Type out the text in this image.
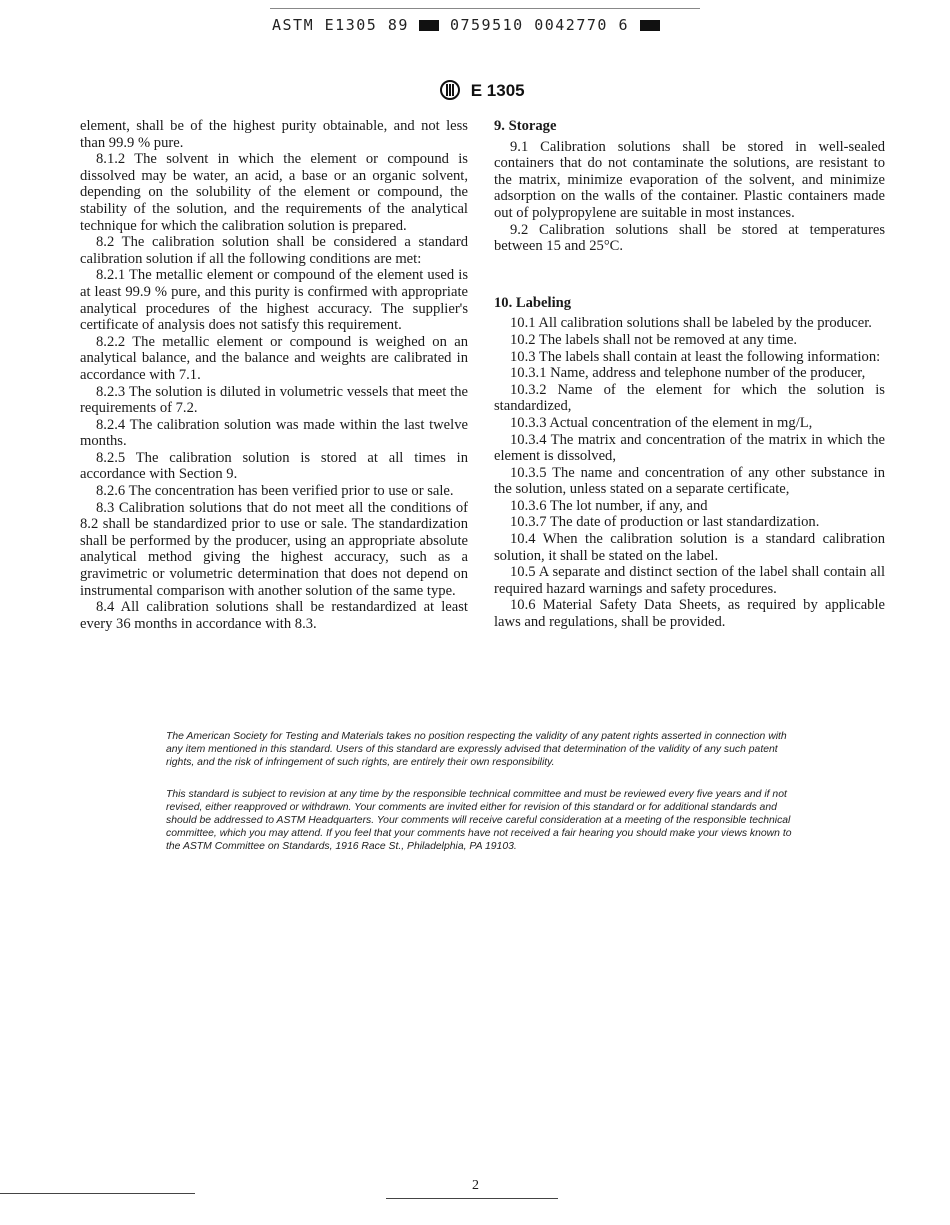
ASTM E1305 89	0759510 0042770 6
E 1305

element, shall be of the highest purity obtainable, and not less than 99.9 % pure.

8.1.2 The solvent in which the element or compound is dissolved may be water, an acid, a base or an organic solvent, depending on the solubility of the element or compound, the stability of the solution, and the requirements of the analytical technique for which the calibration solution is prepared.

8.2 The calibration solution shall be considered a standard calibration solution if all the following conditions are met:

8.2.1 The metallic element or compound of the element used is at least 99.9 % pure, and this purity is confirmed with appropriate analytical procedures of the highest accuracy. The supplier's certificate of analysis does not satisfy this requirement.

8.2.2 The metallic element or compound is weighed on an analytical balance, and the balance and weights are calibrated in accordance with 7.1.

8.2.3 The solution is diluted in volumetric vessels that meet the requirements of 7.2.

8.2.4 The calibration solution was made within the last twelve months.

8.2.5 The calibration solution is stored at all times in accordance with Section 9.

8.2.6 The concentration has been verified prior to use or sale.

8.3 Calibration solutions that do not meet all the conditions of 8.2 shall be standardized prior to use or sale. The standardization shall be performed by the producer, using an appropriate absolute analytical method giving the highest accuracy, such as a gravimetric or volumetric determination that does not depend on instrumental comparison with another solution of the same type.

8.4 All calibration solutions shall be restandardized at least every 36 months in accordance with 8.3.

9. Storage

9.1 Calibration solutions shall be stored in well-sealed containers that do not contaminate the solutions, are resistant to the matrix, minimize evaporation of the solvent, and minimize adsorption on the walls of the container. Plastic containers made out of polypropylene are suitable in most instances.

9.2 Calibration solutions shall be stored at temperatures between 15 and 25°C.

10. Labeling

10.1 All calibration solutions shall be labeled by the producer.

10.2 The labels shall not be removed at any time.

10.3 The labels shall contain at least the following information:

10.3.1 Name, address and telephone number of the producer,

10.3.2 Name of the element for which the solution is standardized,

10.3.3 Actual concentration of the element in mg/L,

10.3.4 The matrix and concentration of the matrix in which the element is dissolved,

10.3.5 The name and concentration of any other substance in the solution, unless stated on a separate certificate,

10.3.6 The lot number, if any, and

10.3.7 The date of production or last standardization.

10.4 When the calibration solution is a standard calibration solution, it shall be stated on the label.

10.5 A separate and distinct section of the label shall contain all required hazard warnings and safety procedures.

10.6 Material Safety Data Sheets, as required by applicable laws and regulations, shall be provided.

The American Society for Testing and Materials takes no position respecting the validity of any patent rights asserted in connection with any item mentioned in this standard. Users of this standard are expressly advised that determination of the validity of any such patent rights, and the risk of infringement of such rights, are entirely their own responsibility.

This standard is subject to revision at any time by the responsible technical committee and must be reviewed every five years and if not revised, either reapproved or withdrawn. Your comments are invited either for revision of this standard or for additional standards and should be addressed to ASTM Headquarters. Your comments will receive careful consideration at a meeting of the responsible technical committee, which you may attend. If you feel that your comments have not received a fair hearing you should make your views known to the ASTM Committee on Standards, 1916 Race St., Philadelphia, PA 19103.

2
